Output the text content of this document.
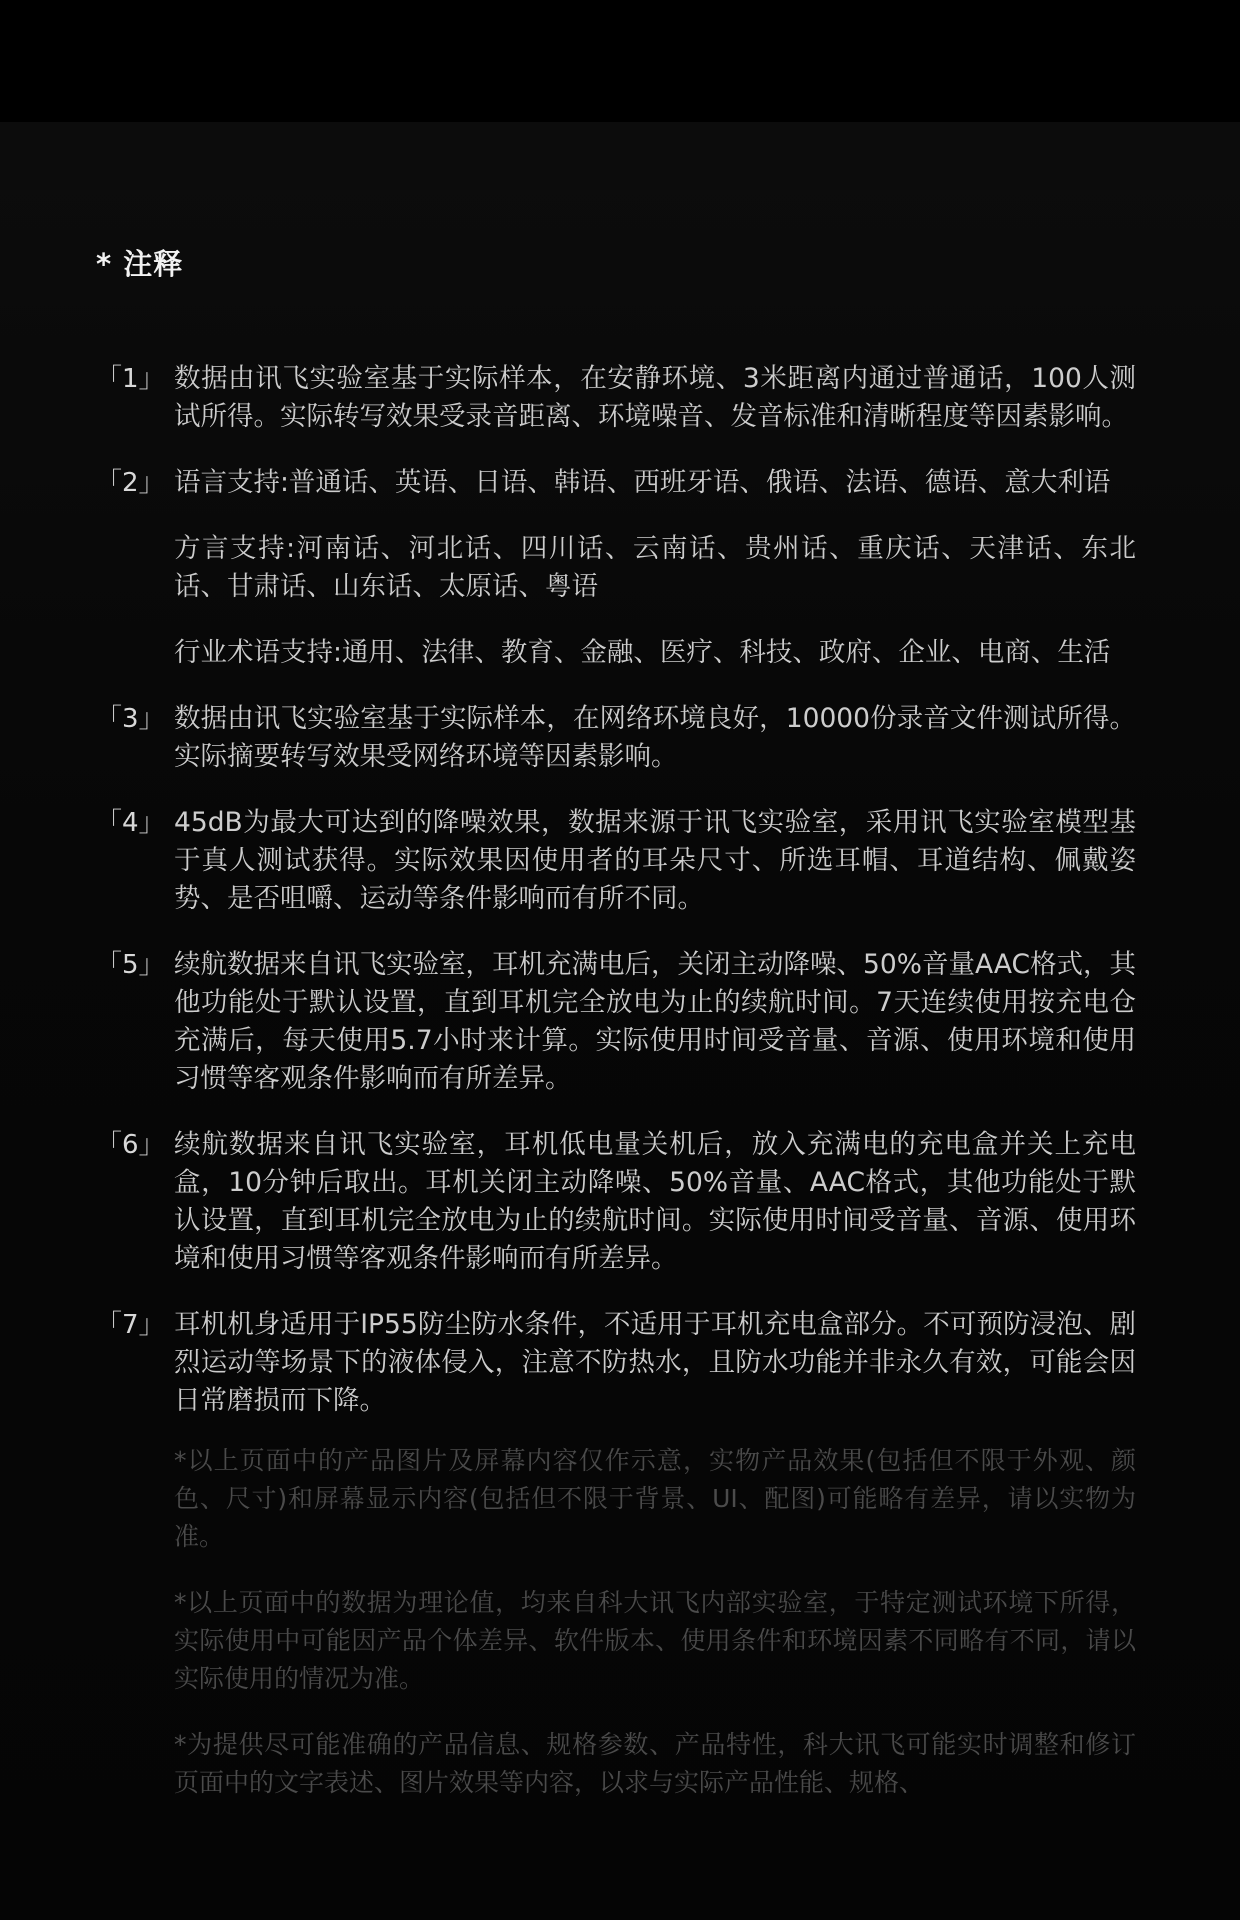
* 注释
「1」 数据由讯飞实验室基于实际样本，在安静环境、3米距离内通过普通话，100人测试所得。实际转写效果受录音距离、环境噪音、发音标准和清晰程度等因素影响。

「2」 语言支持:普通话、英语、日语、韩语、西班牙语、俄语、法语、德语、意大利语

方言支持:河南话、河北话、四川话、云南话、贵州话、重庆话、天津话、东北话、甘肃话、山东话、太原话、粤语

行业术语支持:通用、法律、教育、金融、医疗、科技、政府、企业、电商、生活

「3」 数据由讯飞实验室基于实际样本，在网络环境良好，10000份录音文件测试所得。实际摘要转写效果受网络环境等因素影响。

「4」 45dB为最大可达到的降噪效果，数据来源于讯飞实验室，采用讯飞实验室模型基于真人测试获得。实际效果因使用者的耳朵尺寸、所选耳帽、耳道结构、佩戴姿势、是否咀嚼、运动等条件影响而有所不同。

「5」 续航数据来自讯飞实验室，耳机充满电后，关闭主动降噪、50%音量AAC格式，其他功能处于默认设置，直到耳机完全放电为止的续航时间。7天连续使用按充电仓充满后，每天使用5.7小时来计算。实际使用时间受音量、音源、使用环境和使用习惯等客观条件影响而有所差异。

「6」 续航数据来自讯飞实验室，耳机低电量关机后，放入充满电的充电盒并关上充电盒，10分钟后取出。耳机关闭主动降噪、50%音量、AAC格式，其他功能处于默认设置，直到耳机完全放电为止的续航时间。实际使用时间受音量、音源、使用环境和使用习惯等客观条件影响而有所差异。

「7」 耳机机身适用于IP55防尘防水条件，不适用于耳机充电盒部分。不可预防浸泡、剧烈运动等场景下的液体侵入，注意不防热水，且防水功能并非永久有效，可能会因日常磨损而下降。

*以上页面中的产品图片及屏幕内容仅作示意，实物产品效果(包括但不限于外观、颜色、尺寸)和屏幕显示内容(包括但不限于背景、UI、配图)可能略有差异，请以实物为准。

*以上页面中的数据为理论值，均来自科大讯飞内部实验室，于特定测试环境下所得，实际使用中可能因产品个体差异、软件版本、使用条件和环境因素不同略有不同，请以实际使用的情况为准。

*为提供尽可能准确的产品信息、规格参数、产品特性，科大讯飞可能实时调整和修订页面中的文字表述、图片效果等内容，以求与实际产品性能、规格、
